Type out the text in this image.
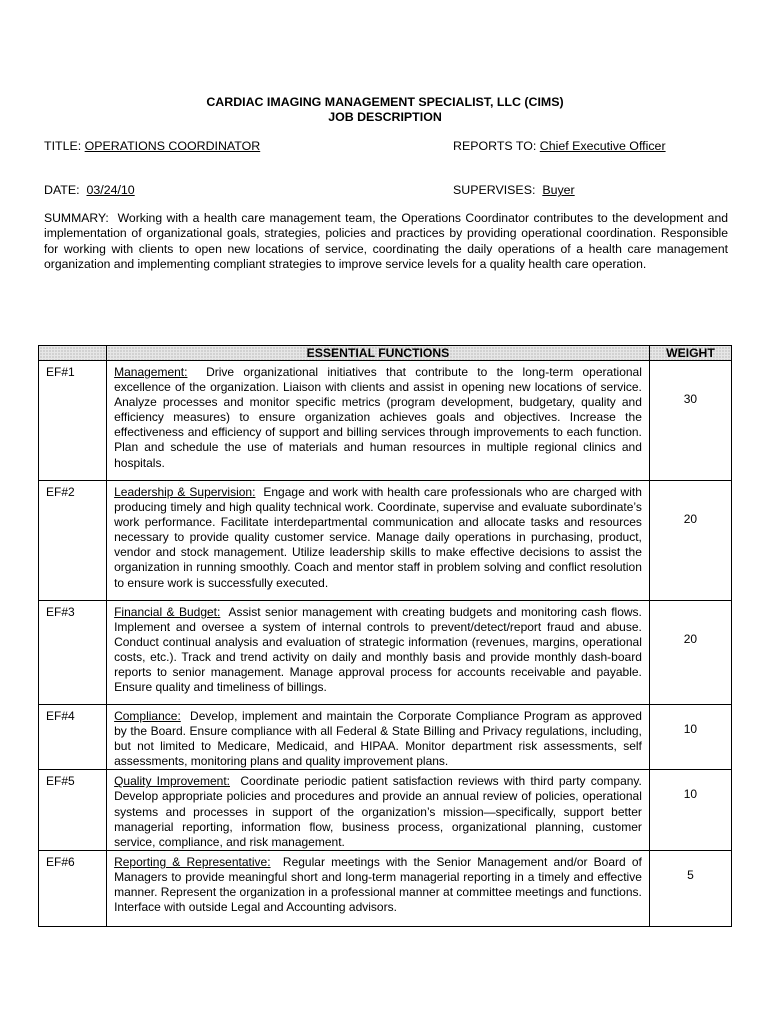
CARDIAC IMAGING MANAGEMENT SPECIALIST, LLC (CIMS)
JOB DESCRIPTION
TITLE: OPERATIONS COORDINATOR	REPORTS TO: Chief Executive Officer
DATE: 03/24/10	SUPERVISES: Buyer
SUMMARY: Working with a health care management team, the Operations Coordinator contributes to the development and implementation of organizational goals, strategies, policies and practices by providing operational coordination. Responsible for working with clients to open new locations of service, coordinating the daily operations of a health care management organization and implementing compliant strategies to improve service levels for a quality health care operation.
	ESSENTIAL FUNCTIONS	WEIGHT
EF#1	Management: Drive organizational initiatives that contribute to the long-term operational excellence of the organization. Liaison with clients and assist in opening new locations of service. Analyze processes and monitor specific metrics (program development, budgetary, quality and efficiency measures) to ensure organization achieves goals and objectives. Increase the effectiveness and efficiency of support and billing services through improvements to each function. Plan and schedule the use of materials and human resources in multiple regional clinics and hospitals.	30

EF#2	Leadership & Supervision: Engage and work with health care professionals who are charged with producing timely and high quality technical work. Coordinate, supervise and evaluate subordinate’s work performance. Facilitate interdepartmental communication and allocate tasks and resources necessary to provide quality customer service. Manage daily operations in purchasing, product, vendor and stock management. Utilize leadership skills to make effective decisions to assist the organization in running smoothly. Coach and mentor staff in problem solving and conflict resolution to ensure work is successfully executed.	20

EF#3	Financial & Budget: Assist senior management with creating budgets and monitoring cash flows. Implement and oversee a system of internal controls to prevent/detect/report fraud and abuse. Conduct continual analysis and evaluation of strategic information (revenues, margins, operational costs, etc.). Track and trend activity on daily and monthly basis and provide monthly dash-board reports to senior management. Manage approval process for accounts receivable and payable. Ensure quality and timeliness of billings.	20

EF#4	Compliance: Develop, implement and maintain the Corporate Compliance Program as approved by the Board. Ensure compliance with all Federal & State Billing and Privacy regulations, including, but not limited to Medicare, Medicaid, and HIPAA. Monitor department risk assessments, self assessments, monitoring plans and quality improvement plans.	10

EF#5	Quality Improvement: Coordinate periodic patient satisfaction reviews with third party company. Develop appropriate policies and procedures and provide an annual review of policies, operational systems and processes in support of the organization’s mission—specifically, support better managerial reporting, information flow, business process, organizational planning, customer service, compliance, and risk management.	10

EF#6	Reporting & Representative: Regular meetings with the Senior Management and/or Board of Managers to provide meaningful short and long-term managerial reporting in a timely and effective manner. Represent the organization in a professional manner at committee meetings and functions. Interface with outside Legal and Accounting advisors.	5
